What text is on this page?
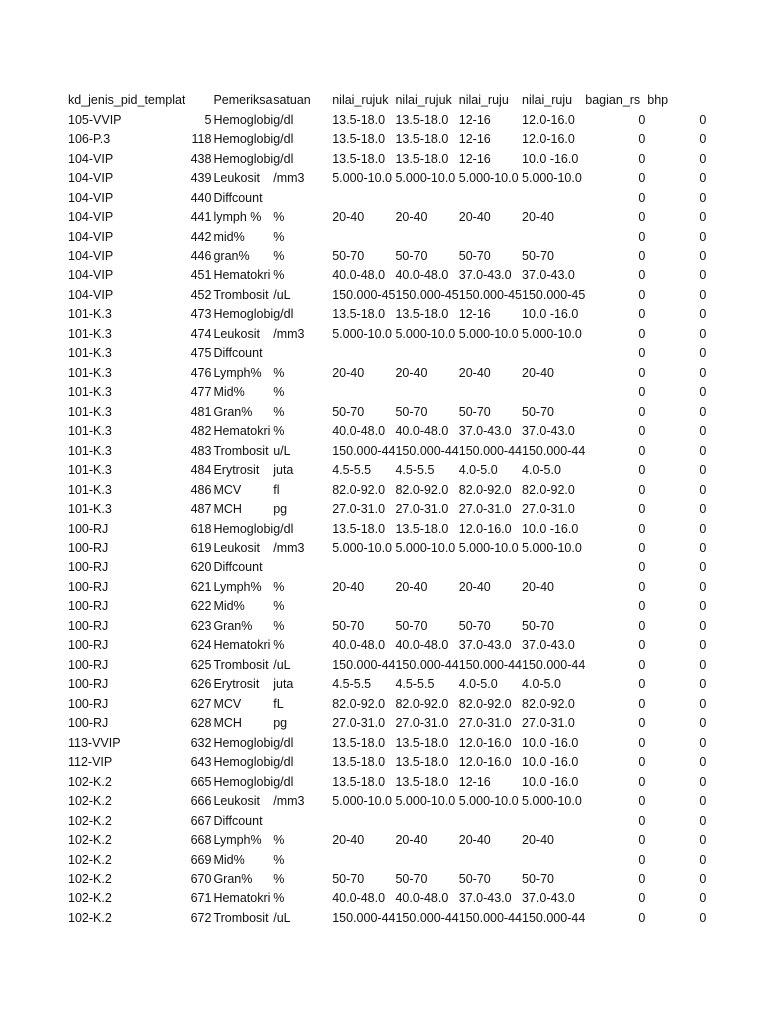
kd_jenis_pid_templat		Pemeriksa	satuan	nilai_rujuk	nilai_rujuk	nilai_ruju	nilai_ruju	bagian_rs	bhp
105-VVIP	5	Hemoglobi	g/dl	13.5-18.0	13.5-18.0	12-16	12.0-16.0	0	0
106-P.3	118	Hemoglobi	g/dl	13.5-18.0	13.5-18.0	12-16	12.0-16.0	0	0
104-VIP	438	Hemoglobi	g/dl	13.5-18.0	13.5-18.0	12-16	10.0 -16.0	0	0
104-VIP	439	Leukosit	/mm3	5.000-10.0	5.000-10.0	5.000-10.0	5.000-10.0	0	0
104-VIP	440	Diffcount						0	0
104-VIP	441	lymph %	%	20-40	20-40	20-40	20-40	0	0
104-VIP	442	mid%	%					0	0
104-VIP	446	gran%	%	50-70	50-70	50-70	50-70	0	0
104-VIP	451	Hematokri	%	40.0-48.0	40.0-48.0	37.0-43.0	37.0-43.0	0	0
104-VIP	452	Trombosit	/uL	150.000-45	150.000-45	150.000-45	150.000-45	0	0
101-K.3	473	Hemoglobi	g/dl	13.5-18.0	13.5-18.0	12-16	10.0 -16.0	0	0
101-K.3	474	Leukosit	/mm3	5.000-10.0	5.000-10.0	5.000-10.0	5.000-10.0	0	0
101-K.3	475	Diffcount						0	0
101-K.3	476	Lymph%	%	20-40	20-40	20-40	20-40	0	0
101-K.3	477	Mid%	%					0	0
101-K.3	481	Gran%	%	50-70	50-70	50-70	50-70	0	0
101-K.3	482	Hematokri	%	40.0-48.0	40.0-48.0	37.0-43.0	37.0-43.0	0	0
101-K.3	483	Trombosit	u/L	150.000-44	150.000-44	150.000-44	150.000-44	0	0
101-K.3	484	Erytrosit	juta	4.5-5.5	4.5-5.5	4.0-5.0	4.0-5.0	0	0
101-K.3	486	MCV	fl	82.0-92.0	82.0-92.0	82.0-92.0	82.0-92.0	0	0
101-K.3	487	MCH	pg	27.0-31.0	27.0-31.0	27.0-31.0	27.0-31.0	0	0
100-RJ	618	Hemoglobi	g/dl	13.5-18.0	13.5-18.0	12.0-16.0	10.0 -16.0	0	0
100-RJ	619	Leukosit	/mm3	5.000-10.0	5.000-10.0	5.000-10.0	5.000-10.0	0	0
100-RJ	620	Diffcount						0	0
100-RJ	621	Lymph%	%	20-40	20-40	20-40	20-40	0	0
100-RJ	622	Mid%	%					0	0
100-RJ	623	Gran%	%	50-70	50-70	50-70	50-70	0	0
100-RJ	624	Hematokri	%	40.0-48.0	40.0-48.0	37.0-43.0	37.0-43.0	0	0
100-RJ	625	Trombosit	/uL	150.000-44	150.000-44	150.000-44	150.000-44	0	0
100-RJ	626	Erytrosit	juta	4.5-5.5	4.5-5.5	4.0-5.0	4.0-5.0	0	0
100-RJ	627	MCV	fL	82.0-92.0	82.0-92.0	82.0-92.0	82.0-92.0	0	0
100-RJ	628	MCH	pg	27.0-31.0	27.0-31.0	27.0-31.0	27.0-31.0	0	0
113-VVIP	632	Hemoglobi	g/dl	13.5-18.0	13.5-18.0	12.0-16.0	10.0 -16.0	0	0
112-VIP	643	Hemoglobi	g/dl	13.5-18.0	13.5-18.0	12.0-16.0	10.0 -16.0	0	0
102-K.2	665	Hemoglobi	g/dl	13.5-18.0	13.5-18.0	12-16	10.0 -16.0	0	0
102-K.2	666	Leukosit	/mm3	5.000-10.0	5.000-10.0	5.000-10.0	5.000-10.0	0	0
102-K.2	667	Diffcount						0	0
102-K.2	668	Lymph%	%	20-40	20-40	20-40	20-40	0	0
102-K.2	669	Mid%	%					0	0
102-K.2	670	Gran%	%	50-70	50-70	50-70	50-70	0	0
102-K.2	671	Hematokri	%	40.0-48.0	40.0-48.0	37.0-43.0	37.0-43.0	0	0
102-K.2	672	Trombosit	/uL	150.000-44	150.000-44	150.000-44	150.000-44	0	0
